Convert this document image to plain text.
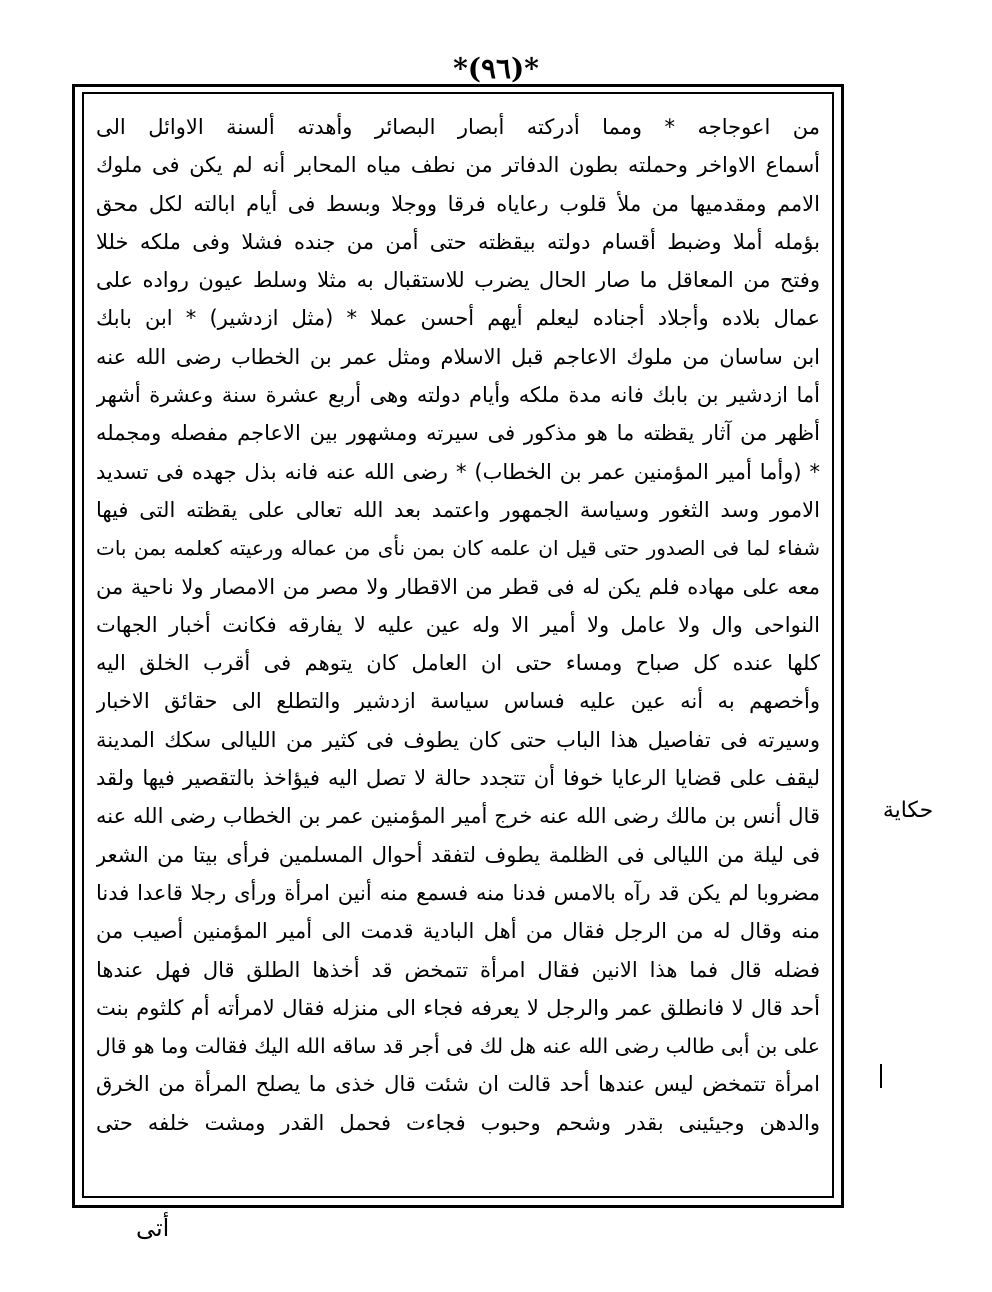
*(٩٦)*
من اعوجاجه * ومما أدركته أبصار البصائر وأهدته ألسنة الاوائل الى
أسماع الاواخر وحملته بطون الدفاتر من نطف مياه المحابر أنه لم يكن فى ملوك
الامم ومقدميها من ملأ قلوب رعاياه فرقا ووجلا وبسط فى أيام ابالته لكل محق
بؤمله أملا وضبط أقسام دولته بيقظته حتى أمن من جنده فشلا وفى ملكه خللا
وفتح من المعاقل ما صار الحال يضرب للاستقبال به مثلا وسلط عيون رواده على
عمال بلاده وأجلاد أجناده ليعلم أيهم أحسن عملا * (مثل ازدشير) * ابن بابك
ابن ساسان من ملوك الاعاجم قبل الاسلام ومثل عمر بن الخطاب رضى الله عنه
أما ازدشير بن بابك فانه مدة ملكه وأيام دولته وهى أربع عشرة سنة وعشرة أشهر
أظهر من آثار يقظته ما هو مذكور فى سيرته ومشهور بين الاعاجم مفصله ومجمله
* (وأما أمير المؤمنين عمر بن الخطاب) * رضى الله عنه فانه بذل جهده فى تسديد
الامور وسد الثغور وسياسة الجمهور واعتمد بعد الله تعالى على يقظته التى فيها
شفاء لما فى الصدور حتى قيل ان علمه كان بمن نأى من عماله ورعيته كعلمه بمن بات
معه على مهاده فلم يكن له فى قطر من الاقطار ولا مصر من الامصار ولا ناحية من
النواحى وال ولا عامل ولا أمير الا وله عين عليه لا يفارقه فكانت أخبار الجهات
كلها عنده كل صباح ومساء حتى ان العامل كان يتوهم فى أقرب الخلق اليه
وأخصهم به أنه عين عليه فساس سياسة ازدشير والتطلع الى حقائق الاخبار
وسيرته فى تفاصيل هذا الباب حتى كان يطوف فى كثير من الليالى سكك المدينة
ليقف على قضايا الرعايا خوفا أن تتجدد حالة لا تصل اليه فيؤاخذ بالتقصير فيها ولقد
قال أنس بن مالك رضى الله عنه خرج أمير المؤمنين عمر بن الخطاب رضى الله عنه
فى ليلة من الليالى فى الظلمة يطوف لتفقد أحوال المسلمين فرأى بيتا من الشعر
مضروبا لم يكن قد رآه بالامس فدنا منه فسمع منه أنين امرأة ورأى رجلا قاعدا فدنا
منه وقال له من الرجل فقال من أهل البادية قدمت الى أمير المؤمنين أصيب من
فضله قال فما هذا الانين فقال امرأة تتمخض قد أخذها الطلق قال فهل عندها
أحد قال لا فانطلق عمر والرجل لا يعرفه فجاء الى منزله فقال لامرأته أم كلثوم بنت
على بن أبى طالب رضى الله عنه هل لك فى أجر قد ساقه الله اليك فقالت وما هو قال
امرأة تتمخض ليس عندها أحد قالت ان شئت قال خذى ما يصلح المرأة من الخرق
والدهن وجيئينى بقدر وشحم وحبوب فجاءت فحمل القدر ومشت خلفه حتى
حكاية
أتى
